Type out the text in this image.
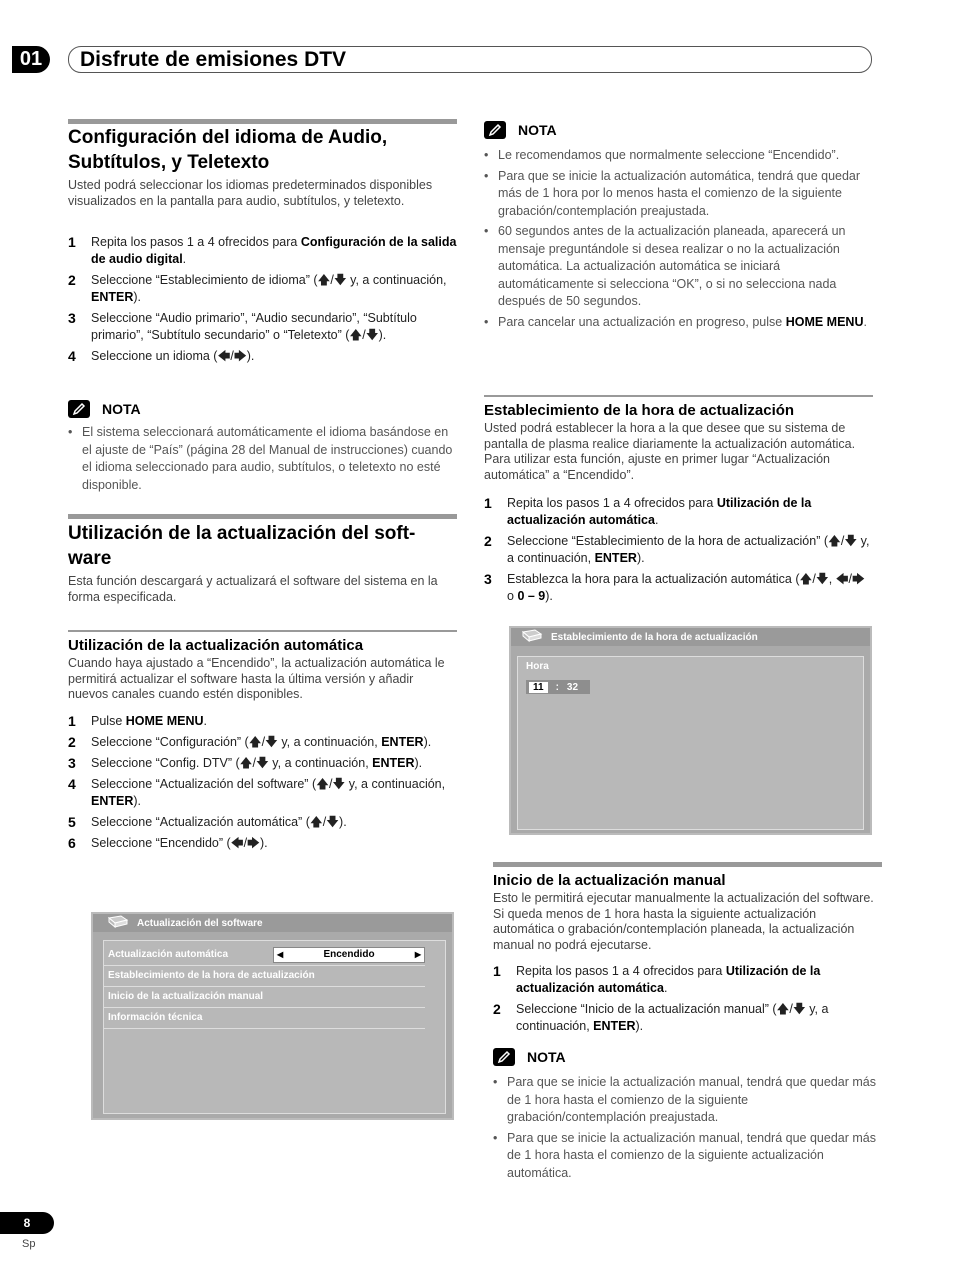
01	Disfrute de emisiones DTV
Configuración del idioma de Audio,
Subtítulos, y Teletexto

Usted podrá seleccionar los idiomas predeterminados disponibles visualizados en la pantalla para audio, subtítulos, y teletexto.

1	Repita los pasos 1 a 4 ofrecidos para Configuración de la salida de audio digital.
2	Seleccione “Establecimiento de idioma” (🡅/🡇 y, a continuación, ENTER).
3	Seleccione “Audio primario”, “Audio secundario”, “Subtítulo primario”, “Subtítulo secundario” o “Teletexto” (🡅/🡇).
4	Seleccione un idioma (🡄/🡆).
NOTA
• El sistema seleccionará automáticamente el idioma basándose en el ajuste de “País” (página 28 del Manual de instrucciones) cuando el idioma seleccionado para audio, subtítulos, o teletexto no esté disponible.
Utilización de la actualización del soft-
ware

Esta función descargará y actualizará el software del sistema en la forma especificada.

Utilización de la actualización automática

Cuando haya ajustado a “Encendido”, la actualización automática le permitirá actualizar el software hasta la última versión y añadir nuevos canales cuando estén disponibles.

1	Pulse HOME MENU.
2	Seleccione “Configuración” (🡅/🡇 y, a continuación, ENTER).
3	Seleccione “Config. DTV” (🡅/🡇 y, a continuación, ENTER).
4	Seleccione “Actualización del software” (🡅/🡇 y, a continuación, ENTER).
5	Seleccione “Actualización automática” (🡅/🡇).
6	Seleccione “Encendido” (🡄/🡆).
Actualización del software
Actualización automática	◀	Encendido	▶
Establecimiento de la hora de actualización
Inicio de la actualización manual
Información técnica
NOTA
• Le recomendamos que normalmente seleccione “Encendido”.
• Para que se inicie la actualización automática, tendrá que quedar más de 1 hora por lo menos hasta el comienzo de la siguiente grabación/contemplación preajustada.
• 60 segundos antes de la actualización planeada, aparecerá un mensaje preguntándole si desea realizar o no la actualización automática. La actualización automática se iniciará automáticamente si selecciona “OK”, o si no selecciona nada después de 50 segundos.
• Para cancelar una actualización en progreso, pulse HOME MENU.
Establecimiento de la hora de actualización

Usted podrá establecer la hora a la que desee que su sistema de pantalla de plasma realice diariamente la actualización automática. Para utilizar esta función, ajuste en primer lugar “Actualización automática” a “Encendido”.

1	Repita los pasos 1 a 4 ofrecidos para Utilización de la actualización automática.
2	Seleccione “Establecimiento de la hora de actualización” (🡅/🡇 y, a continuación, ENTER).
3	Establezca la hora para la actualización automática (🡅/🡇, 🡄/🡆 o 0 – 9).
Establecimiento de la hora de actualización
Hora
11	: 32
Inicio de la actualización manual

Esto le permitirá ejecutar manualmente la actualización del software. Si queda menos de 1 hora hasta la siguiente actualización automática o grabación/contemplación planeada, la actualización manual no podrá ejecutarse.

1	Repita los pasos 1 a 4 ofrecidos para Utilización de la actualización automática.
2	Seleccione “Inicio de la actualización manual” (🡅/🡇 y, a continuación, ENTER).
NOTA
• Para que se inicie la actualización manual, tendrá que quedar más de 1 hora hasta el comienzo de la siguiente grabación/contemplación preajustada.
• Para que se inicie la actualización manual, tendrá que quedar más de 1 hora hasta el comienzo de la siguiente actualización automática.
8
Sp
